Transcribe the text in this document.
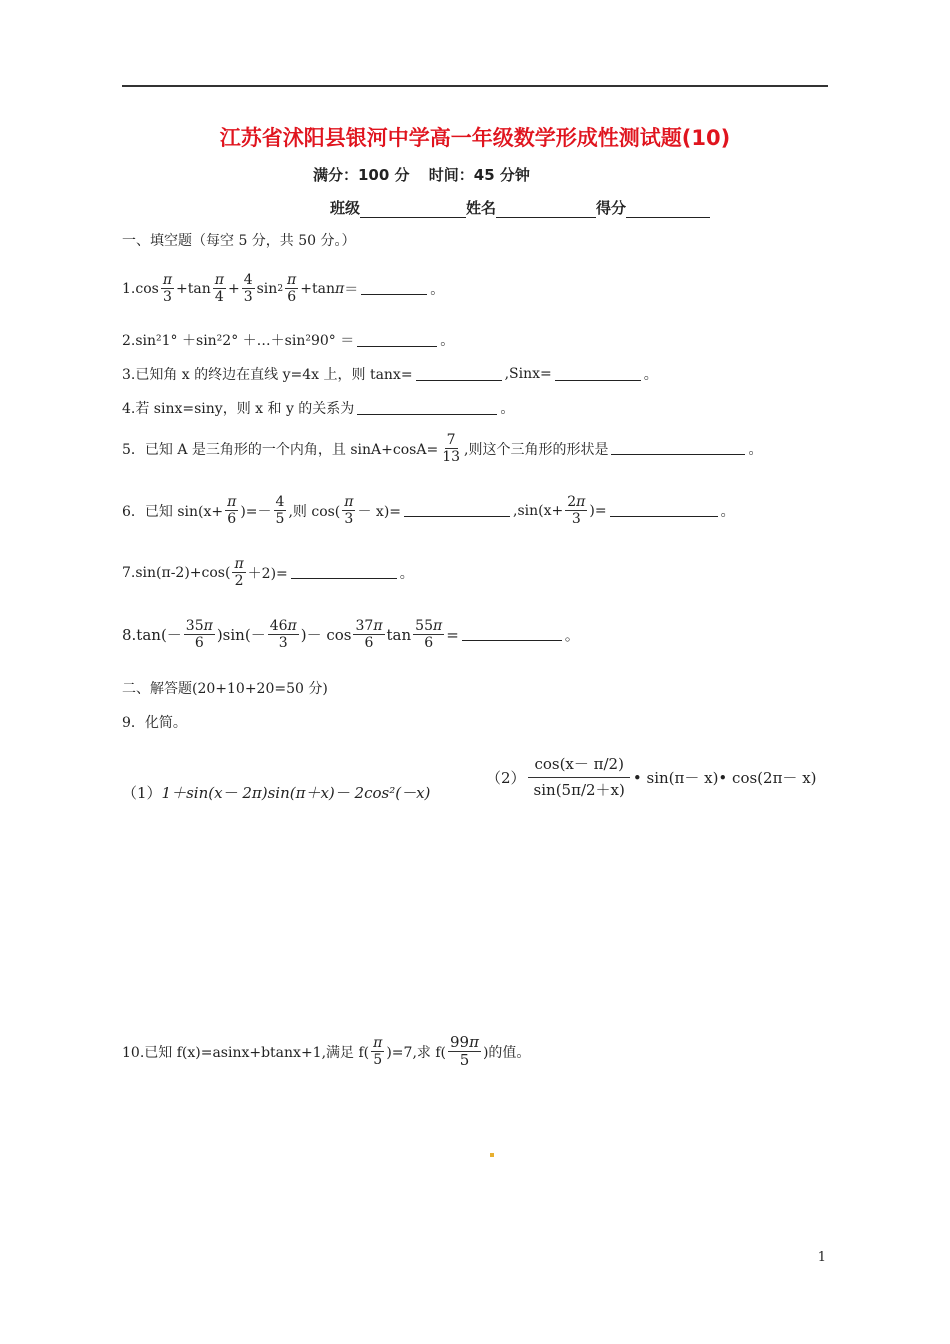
江苏省沭阳县银河中学高一年级数学形成性测试题(10)
满分：100 分 时间：45 分钟
班级	姓名	得分
一、填空题（每空 5 分，共 50 分。）
1. $\cos \frac{\pi}{3} +\tan \frac{\pi}{4} + \frac{4}{3}$ $\sin 2 \frac{\pi}{6} +\tan$ π ＝	。
2.sin²1° ＋sin²2° ＋…＋sin²90° ＝	。
3.已知角 x 的终边在直线 y=4x 上，则 tanx=	,Sinx=	。
4.若 sinx=siny，则 x 和 y 的关系为	。
5．已知 A 是三角形的一个内角，且 $\sin A+\cos A= \frac{7}{13}$ ,则这个三角形的形状是	。
6．已知 $\sin(x+ \frac{\pi}{6}$ )=－ $\frac{4}{5}$ ,则 $\cos( \frac{\pi}{3} - x)=$	$,\sin(x+ \frac{2\pi}{3}$ )=	。
$7.\sin(\pi-2)+\cos( \frac{\pi}{2} +2)=$	。
$8.\tan(- \frac{35\pi}{6} )\sin(- \frac{46\pi}{3}$ )－ $\cos \frac{37\pi}{6}$ $\tan \frac{55\pi}{6}$ =	。
二、解答题(20+10+20=50 分)
9．化简。
（1） 1＋sin(x－ 2π)sin(π＋x)－ 2cos²(－x)
$(2) \frac{\cos(x- \pi/2)}{\sin(5\pi/2+x)}$ • sin(π－ x)• cos(2π－ x)
10.已知 f(x)=asinx+btanx+1,满足 $f( \frac{\pi}{5} )=7$,求 $f( \frac{99\pi}{5}$ )的值。
1
